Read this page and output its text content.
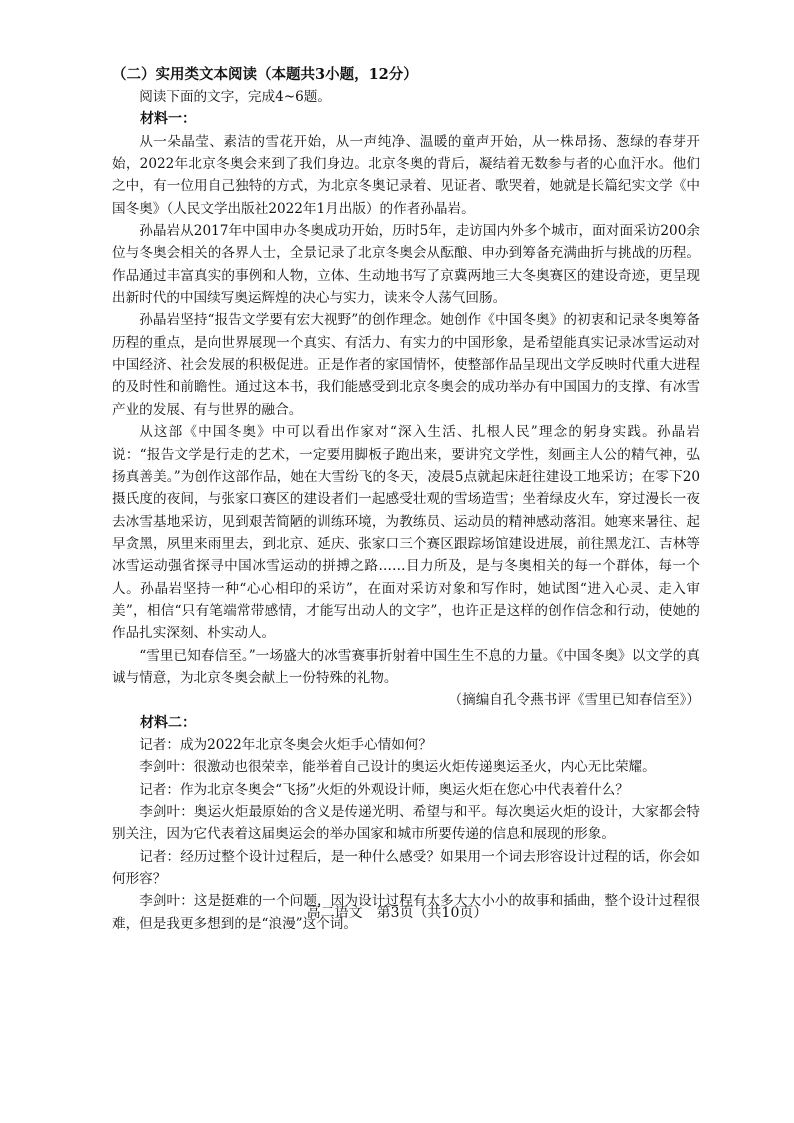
（二）实用类文本阅读（本题共3小题，12分）

阅读下面的文字，完成4~6题。

材料一：

从一朵晶莹、素洁的雪花开始，从一声纯净、温暖的童声开始，从一株昂扬、葱绿的春芽开始，2022年北京冬奥会来到了我们身边。北京冬奥的背后，凝结着无数参与者的心血汗水。他们之中，有一位用自己独特的方式，为北京冬奥记录着、见证者、歌哭着，她就是长篇纪实文学《中国冬奥》（人民文学出版社2022年1月出版）的作者孙晶岩。

孙晶岩从2017年中国申办冬奥成功开始，历时5年，走访国内外多个城市，面对面采访200余位与冬奥会相关的各界人士，全景记录了北京冬奥会从酝酿、申办到筹备充满曲折与挑战的历程。作品通过丰富真实的事例和人物，立体、生动地书写了京冀两地三大冬奥赛区的建设奇迹，更呈现出新时代的中国续写奥运辉煌的决心与实力，读来令人荡气回肠。

孙晶岩坚持“报告文学要有宏大视野”的创作理念。她创作《中国冬奥》的初衷和记录冬奥筹备历程的重点，是向世界展现一个真实、有活力、有实力的中国形象，是希望能真实记录冰雪运动对中国经济、社会发展的积极促进。正是作者的家国情怀，使整部作品呈现出文学反映时代重大进程的及时性和前瞻性。通过这本书，我们能感受到北京冬奥会的成功举办有中国国力的支撑、有冰雪产业的发展、有与世界的融合。

从这部《中国冬奥》中可以看出作家对“深入生活、扎根人民”理念的躬身实践。孙晶岩说：“报告文学是行走的艺术，一定要用脚板子跑出来，要讲究文学性，刻画主人公的精气神，弘扬真善美。”为创作这部作品，她在大雪纷飞的冬天，凌晨5点就起床赶往建设工地采访；在零下20摄氏度的夜间，与张家口赛区的建设者们一起感受壮观的雪场造雪；坐着绿皮火车，穿过漫长一夜去冰雪基地采访，见到艰苦简陋的训练环境，为教练员、运动员的精神感动落泪。她寒来暑往、起早贪黑，夙里来雨里去，到北京、延庆、张家口三个赛区跟踪场馆建设进展，前往黑龙江、吉林等冰雪运动强省探寻中国冰雪运动的拼搏之路……目力所及，是与冬奥相关的每一个群体，每一个人。孙晶岩坚持一种“心心相印的采访”，在面对采访对象和写作时，她试图“进入心灵、走入审美”，相信“只有笔端常带感情，才能写出动人的文字”，也许正是这样的创作信念和行动，使她的作品扎实深刻、朴实动人。

“雪里已知春信至。”一场盛大的冰雪赛事折射着中国生生不息的力量。《中国冬奥》以文学的真诚与情意，为北京冬奥会献上一份特殊的礼物。

（摘编自孔令燕书评《雪里已知春信至》）

材料二：

记者：成为2022年北京冬奥会火炬手心情如何？

李剑叶：很激动也很荣幸，能举着自己设计的奥运火炬传递奥运圣火，内心无比荣耀。

记者：作为北京冬奥会“飞扬”火炬的外观设计师，奥运火炬在您心中代表着什么？

李剑叶：奥运火炬最原始的含义是传递光明、希望与和平。每次奥运火炬的设计，大家都会特别关注，因为它代表着这届奥运会的举办国家和城市所要传递的信息和展现的形象。

记者：经历过整个设计过程后，是一种什么感受？如果用一个词去形容设计过程的话，你会如何形容？

李剑叶：这是挺难的一个问题，因为设计过程有太多大大小小的故事和插曲，整个设计过程很难，但是我更多想到的是“浪漫”这个词。

高二语文　第3页（共10页）
